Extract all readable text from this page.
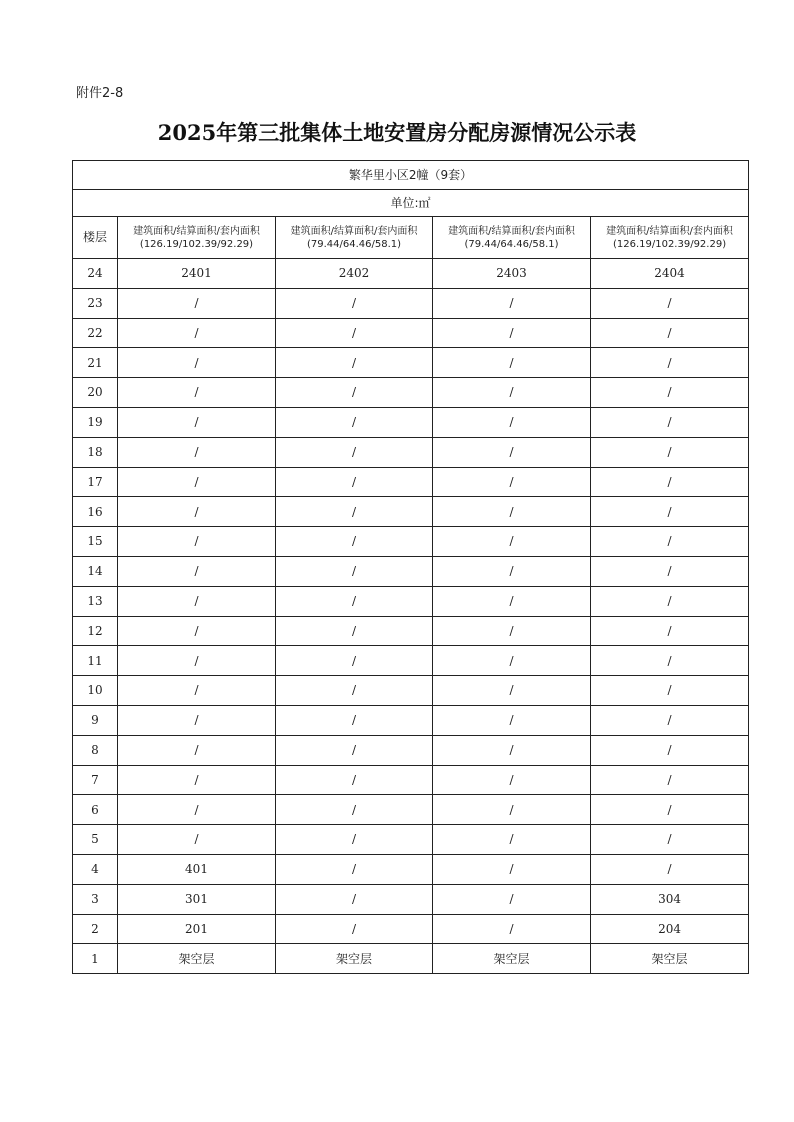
附件2-8
2025年第三批集体土地安置房分配房源情况公示表
繁华里小区2幢（9套）				
单位:㎡				
楼层	建筑面积/结算面积/套内面积(126.19/102.39/92.29)	建筑面积/结算面积/套内面积(79.44/64.46/58.1)	建筑面积/结算面积/套内面积(79.44/64.46/58.1)	建筑面积/结算面积/套内面积(126.19/102.39/92.29)
24	2401	2402	2403	2404
23	/	/	/	/
22	/	/	/	/
21	/	/	/	/
20	/	/	/	/
19	/	/	/	/
18	/	/	/	/
17	/	/	/	/
16	/	/	/	/
15	/	/	/	/
14	/	/	/	/
13	/	/	/	/
12	/	/	/	/
11	/	/	/	/
10	/	/	/	/
9	/	/	/	/
8	/	/	/	/
7	/	/	/	/
6	/	/	/	/
5	/	/	/	/
4	401	/	/	/
3	301	/	/	304
2	201	/	/	204
1	架空层	架空层	架空层	架空层
